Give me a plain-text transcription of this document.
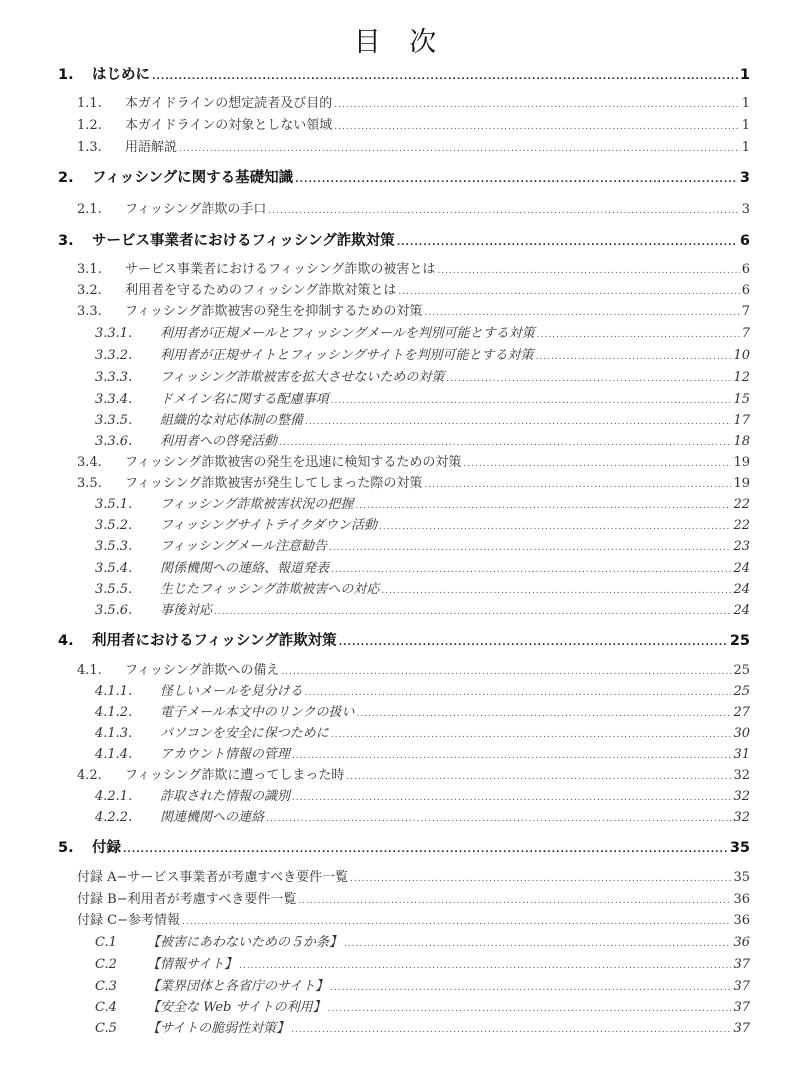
目 次
1.	はじめに .....	1
1.1.	本ガイドラインの想定読者及び目的 .....	1
1.2.	本ガイドラインの対象としない領域 .....	1
1.3.	用語解説 .....	1
2.	フィッシングに関する基礎知識 .....	3
2.1.	フィッシング詐欺の手口 .....	3
3.	サービス事業者におけるフィッシング詐欺対策 .....	6
3.1.	サービス事業者におけるフィッシング詐欺の被害とは .....	6
3.2.	利用者を守るためのフィッシング詐欺対策とは .....	6
3.3.	フィッシング詐欺被害の発生を抑制するための対策 .....	7
3.3.1.	利用者が正規メールとフィッシングメールを判別可能とする対策 .....	7
3.3.2.	利用者が正規サイトとフィッシングサイトを判別可能とする対策 .....	10
3.3.3.	フィッシング詐欺被害を拡大させないための対策 .....	12
3.3.4.	ドメイン名に関する配慮事項 .....	15
3.3.5.	組織的な対応体制の整備 .....	17
3.3.6.	利用者への啓発活動 .....	18
3.4.	フィッシング詐欺被害の発生を迅速に検知するための対策 .....	19
3.5.	フィッシング詐欺被害が発生してしまった際の対策 .....	19
3.5.1.	フィッシング詐欺被害状況の把握 .....	22
3.5.2.	フィッシングサイトテイクダウン活動 .....	22
3.5.3.	フィッシングメール注意勧告 .....	23
3.5.4.	関係機関への連絡、報道発表 .....	24
3.5.5.	生じたフィッシング詐欺被害への対応 .....	24
3.5.6.	事後対応 .....	24
4.	利用者におけるフィッシング詐欺対策 .....	25
4.1.	フィッシング詐欺への備え .....	25
4.1.1.	怪しいメールを見分ける .....	25
4.1.2.	電子メール本文中のリンクの扱い .....	27
4.1.3.	パソコンを安全に保つために .....	30
4.1.4.	アカウント情報の管理 .....	31
4.2.	フィッシング詐欺に遭ってしまった時 .....	32
4.2.1.	詐取された情報の識別 .....	32
4.2.2.	関連機関への連絡 .....	32
5.	付録 .....	35
付録 A−サービス事業者が考慮すべき要件一覧 .....	35
付録 B−利用者が考慮すべき要件一覧 .....	36
付録 C−参考情報 .....	36
C.1	【被害にあわないための５か条】 .....	36
C.2	【情報サイト】 .....	37
C.3	【業界団体と各省庁のサイト】 .....	37
C.4	【安全な Web サイトの利用】 .....	37
C.5	【サイトの脆弱性対策】 .....	37
